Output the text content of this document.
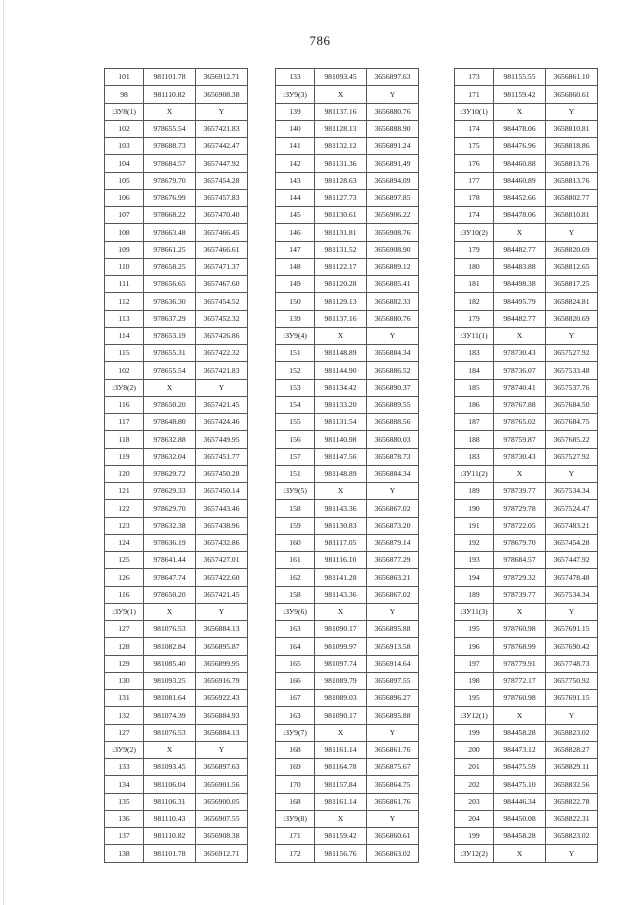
786
101	981101.78	3656912.71
98	981110.82	3656908.38
:ЗУ8(1)	X	Y
102	978655.54	3657421.83
103	978688.73	3657442.47
104	978684.57	3657447.92
105	978679.70	3657454.28
106	978676.99	3657457.83
107	978668.22	3657470.40
108	978663.48	3657466.45
109	978661.25	3657466.61
110	978658.25	3657471.37
111	978656.65	3657467.60
112	978636.30	3657454.52
113	978637.29	3657452.32
114	978653.19	3657426.86
115	978655.31	3657422.32
102	978655.54	3657421.83
:ЗУ8(2)	X	Y
116	978650.20	3657421.45
117	978648.80	3657424.46
118	978632.88	3657449.95
119	978632.04	3657451.77
120	978629.72	3657450.28
121	978629.33	3657450.14
122	978629.70	3657443.46
123	978632.38	3657438.96
124	978636.19	3657432.86
125	978641.44	3657427.01
126	978647.74	3657422.60
116	978650.20	3657421.45
:ЗУ9(1)	X	Y
127	981076.53	3656884.13
128	981082.84	3656895.87
129	981085.40	3656899.95
130	981093.25	3656916.79
131	981081.64	3656922.43
132	981074.39	3656884.93
127	981076.53	3656884.13
:ЗУ9(2)	X	Y
133	981093.45	3656897.63
134	981106.04	3656901.56
135	981106.31	3656900.05
136	981110.43	3656907.55
137	981110.82	3656908.38
138	981101.78	3656912.71
133	981093.45	3656897.63
:ЗУ9(3)	X	Y
139	981137.16	3656880.76
140	981128.13	3656888.90
141	981132.12	3656891.24
142	981131.36	3656891.49
143	981128.63	3656894.09
144	981127.73	3656897.85
145	981130.61	3656906.22
146	981131.81	3656908.76
147	981131.52	3656908.90
148	981122.17	3656889.12
149	981120.28	3656885.41
150	981129.13	3656882.33
139	981137.16	3656880.76
:ЗУ9(4)	X	Y
151	981148.89	3656884.34
152	981144.90	3656886.52
153	981134.42	3656890.37
154	981133.20	3656889.55
155	981131.54	3656888.56
156	981140.98	3656880.03
157	981147.56	3656878.73
151	981148.89	3656884.34
:ЗУ9(5)	X	Y
158	981143.36	3656867.02
159	981130.83	3656873.20
160	981117.05	3656879.14
161	981116.10	3656877.29
162	981141.28	3656863.21
158	981143.36	3656867.02
:ЗУ9(6)	X	Y
163	981090.17	3656895.88
164	981099.97	3656913.58
165	981097.74	3656914.64
166	981089.79	3656897.55
167	981089.03	3656896.27
163	981090.17	3656895.88
:ЗУ9(7)	X	Y
168	981161.14	3656861.76
169	981164.78	3656875.67
170	981157.84	3656864.75
168	981161.14	3656861.76
:ЗУ9(8)	X	Y
171	981159.42	3656860.61
172	981156.76	3656863.02
173	981155.55	3656861.10
171	981159.42	3656860.61
:ЗУ10(1)	X	Y
174	984478.06	3658810.81
175	984476.96	3658818.86
176	984460.88	3658813.76
177	984460.89	3658813.76
178	984452.66	3658802.77
174	984478.06	3658810.81
:ЗУ10(2)	X	Y
179	984482.77	3658820.69
180	984483.88	3658812.65
181	984498.38	3658817.25
182	984495.79	3658824.81
179	984482.77	3658820.69
:ЗУ11(1)	X	Y
183	978730.43	3657527.92
184	978736.07	3657533.48
185	978740.41	3657537.76
186	978767.88	3657684.50
187	978765.02	3657684.75
188	978759.87	3657685.22
183	978730.43	3657527.92
:ЗУ11(2)	X	Y
189	978739.77	3657534.34
190	978729.78	3657524.47
191	978722.05	3657483.21
192	978679.70	3657454.28
193	978684.57	3657447.92
194	978729.32	3657478.48
189	978739.77	3657534.34
:ЗУ11(3)	X	Y
195	978760.98	3657691.15
196	978768.99	3657690.42
197	978779.91	3657748.73
198	978772.17	3657750.92
195	978760.98	3657691.15
:ЗУ12(1)	X	Y
199	984458.28	3658823.02
200	984473.12	3658828.27
201	984475.59	3658829.11
202	984475.10	3658832.56
203	984446.34	3658822.78
204	984450.08	3658822.31
199	984458.28	3658823.02
:ЗУ12(2)	X	Y
